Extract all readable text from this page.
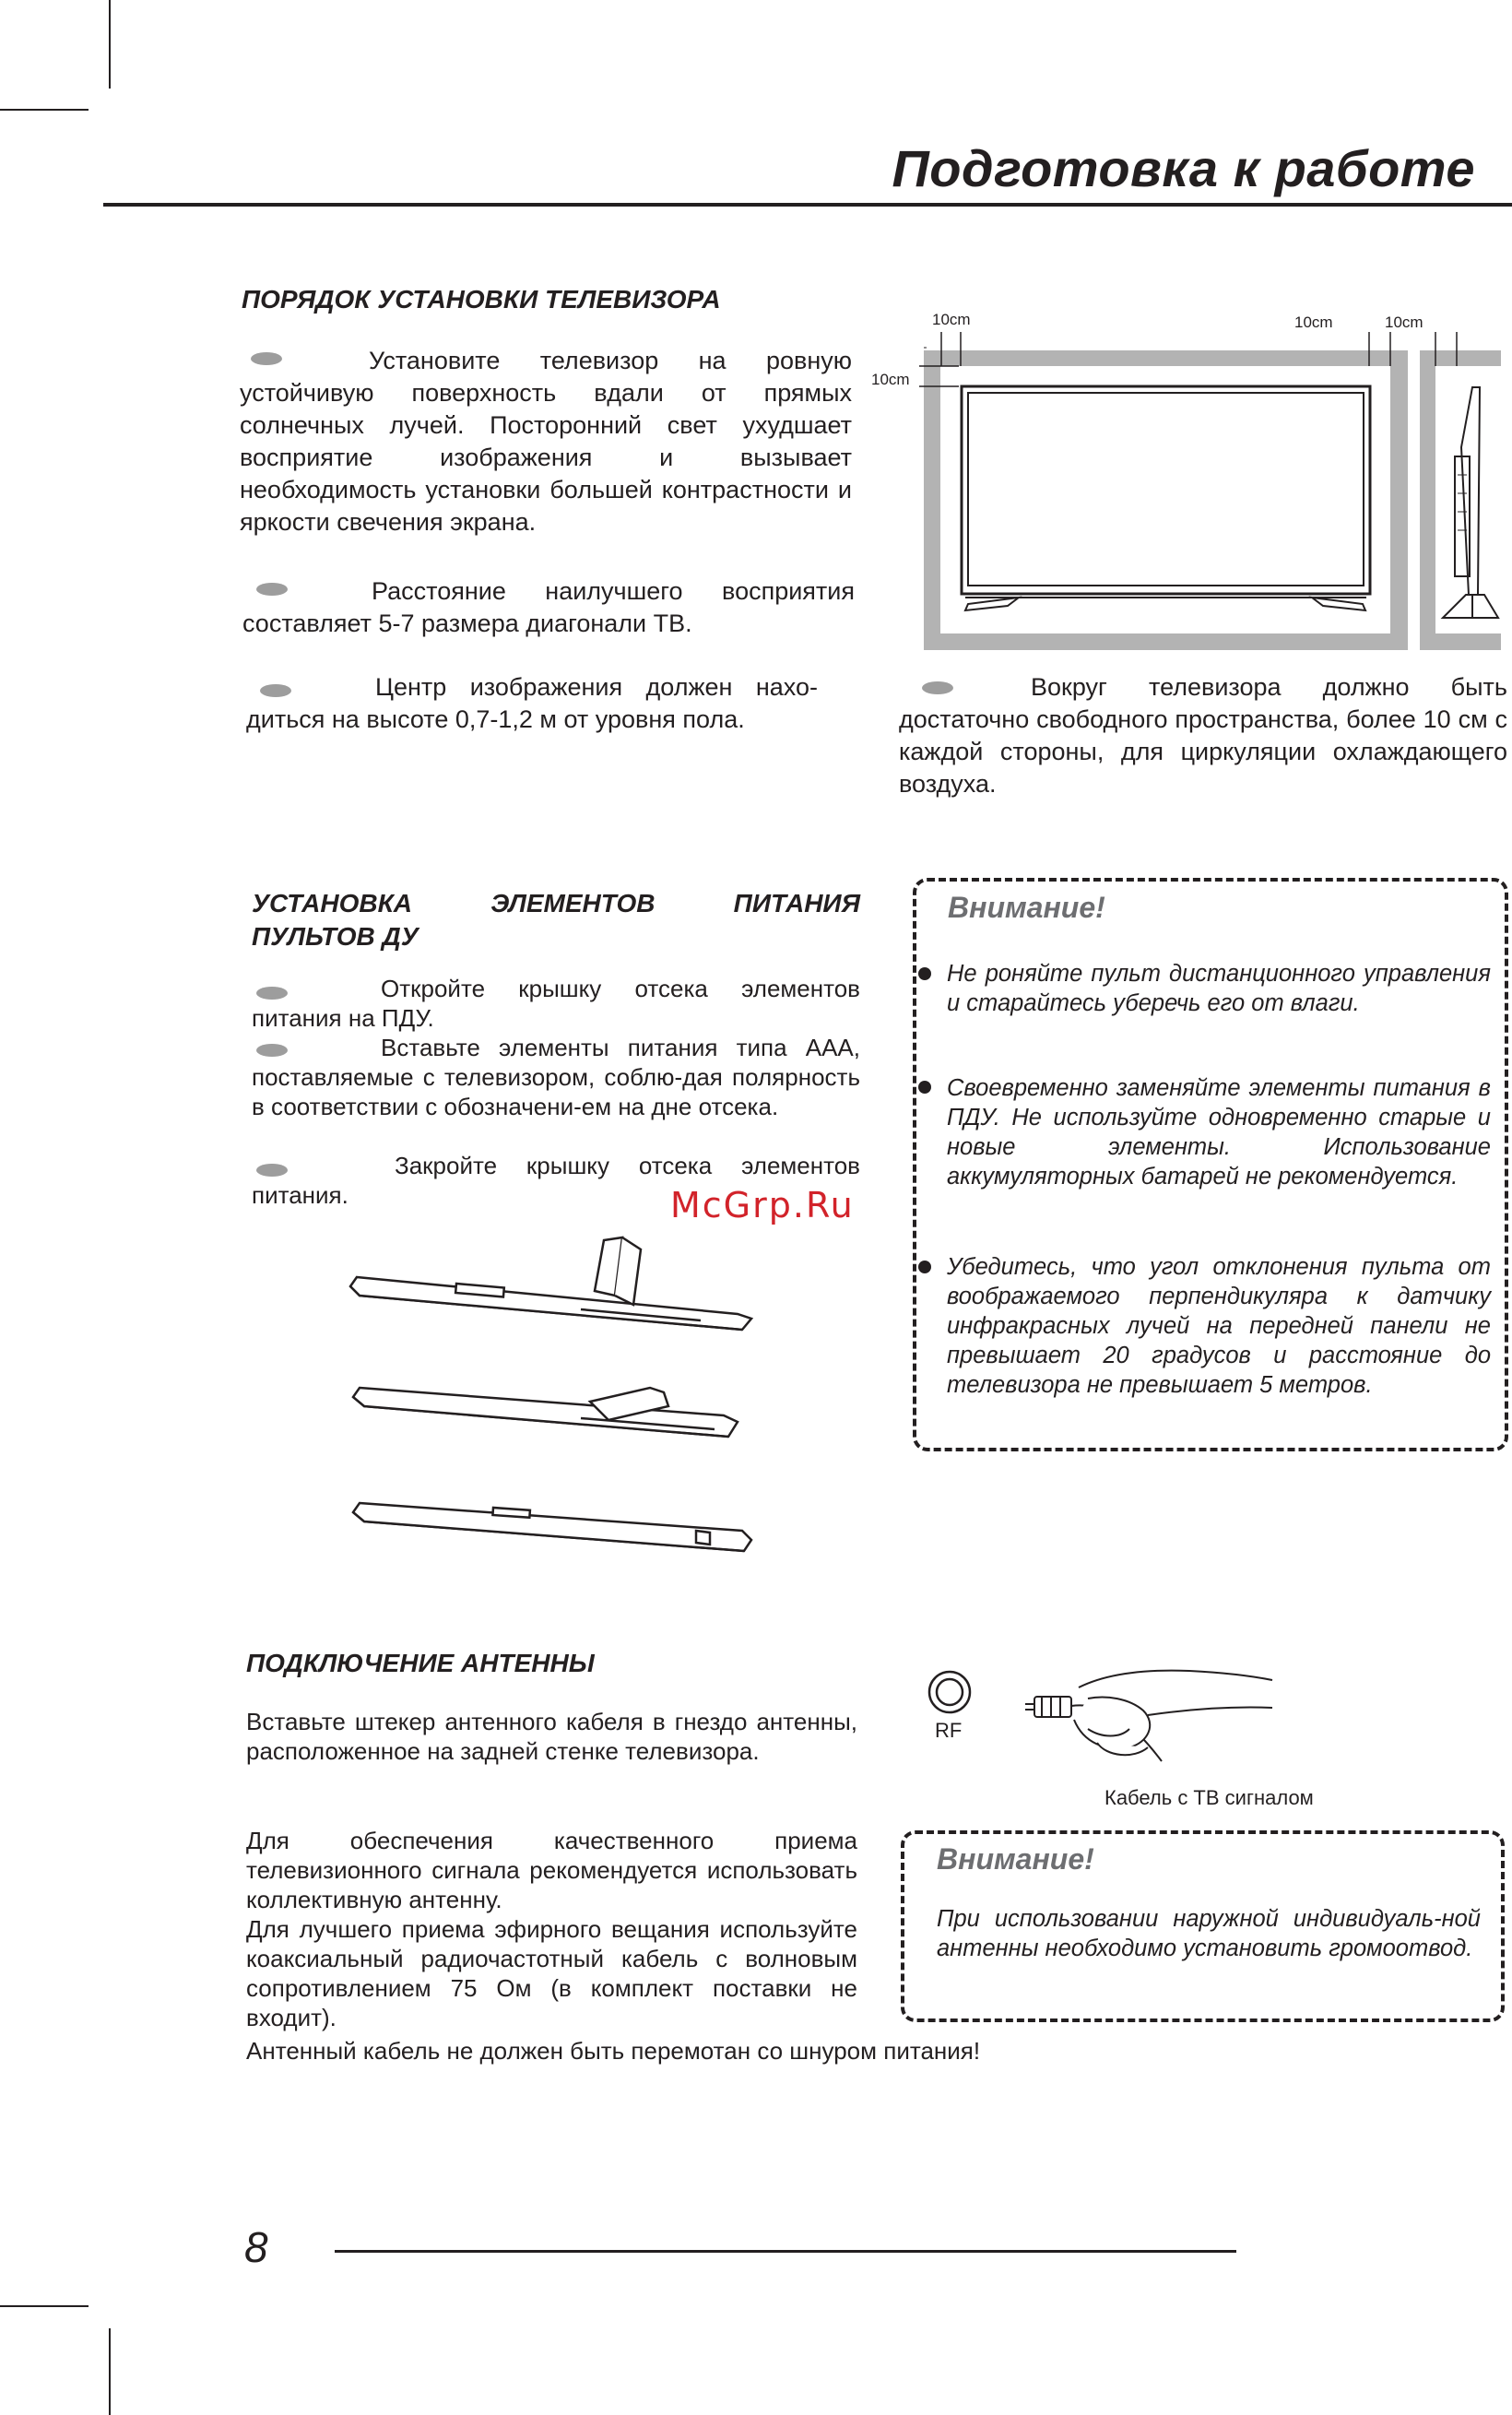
Подготовка к работе
ПОРЯДОК УСТАНОВКИ ТЕЛЕВИЗОРА
Установите телевизор на ровную устойчивую поверхность вдали от прямых солнечных лучей. Посторонний свет ухудшает восприятие изображения и вызывает необходимость установки большей контрастности и яркости свечения экрана.
Расстояние наилучшего восприятия составляет 5-7 размера диагонали ТВ.
Центр изображения должен нахо-диться на высоте 0,7-1,2 м от уровня пола.
10cm
10cm
10cm	10cm
Вокруг телевизора должно быть достаточно свободного пространства, более 10 см с каждой стороны, для циркуляции охлаждающего воздуха.
УСТАНОВКА ЭЛЕМЕНТОВ ПИТАНИЯ
ПУЛЬТОВ ДУ
Откройте крышку отсека элементов питания на ПДУ.
Вставьте элементы питания типа ААА, поставляемые с телевизором, соблю-дая полярность в соответствии с обозначени-ем на дне отсека.
Закройте крышку отсека элементов питания.	McGrp.Ru
Внимание!
Не роняйте пульт дистанционного управления и старайтесь уберечь его от влаги.
Своевременно заменяйте элементы питания в ПДУ. Не используйте одновременно старые и новые элементы. Использование аккумуляторных батарей не рекомендуется.
Убедитесь, что угол отклонения пульта от воображаемого перпендикуляра к датчику инфракрасных лучей на передней панели не превышает 20 градусов и расстояние до телевизора не превышает 5 метров.
ПОДКЛЮЧЕНИЕ АНТЕННЫ
Вставьте штекер антенного кабеля в гнездо антенны, расположенное на задней стенке телевизора.
Для обеспечения качественного приема телевизионного сигнала рекомендуется использовать коллективную антенну.
Для лучшего приема эфирного вещания используйте коаксиальный радиочастотный кабель с волновым сопротивлением 75 Ом (в комплект поставки не входит).
Антенный кабель не должен быть перемотан со шнуром питания!
RF
Кабель с ТВ сигналом
Внимание!
При использовании наружной индивидуаль-ной антенны необходимо установить громоотвод.
8
